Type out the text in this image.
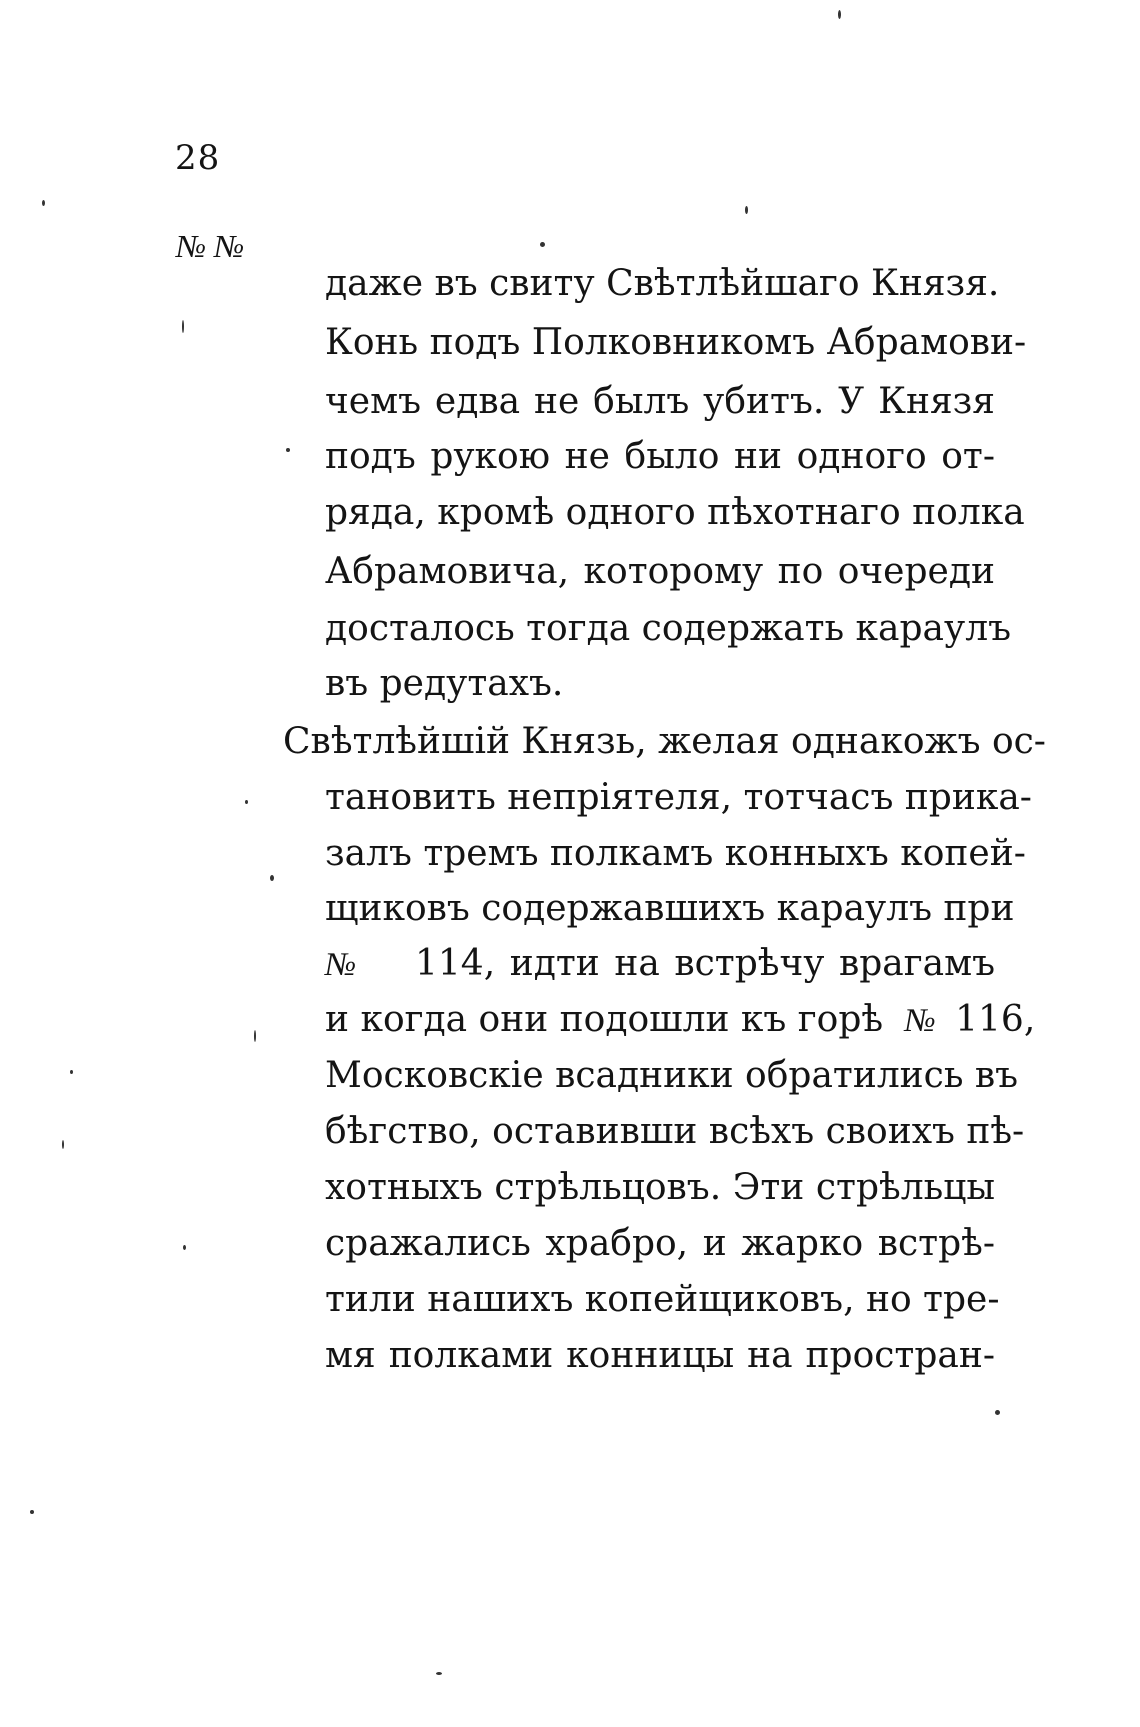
28
№ №
даже въ свиту Свѣтлѣйшаго Князя.
Конь подъ Полковникомъ Абрамови-
чемъ едва не былъ убитъ. У Князя
подъ рукою не было ни одного от-
ряда, кромѣ одного пѣхотнаго полка
Абрамовича, которому по очереди
досталось тогда содержать караулъ
въ редутахъ.
Свѣтлѣйшій Князь, желая однакожъ ос-
тановить непріятеля, тотчасъ прика-
залъ тремъ полкамъ конныхъ копей-
щиковъ содержавшихъ караулъ при
№	114, идти на встрѣчу врагамъ
и когда они подошли къ горѣ № 116,
Московскіе всадники обратились въ
бѣгство, оставивши всѣхъ своихъ пѣ-
хотныхъ стрѣльцовъ. Эти стрѣльцы
сражались храбро, и жарко встрѣ-
тили нашихъ копейщиковъ, но тре-
мя полками конницы на простран-
